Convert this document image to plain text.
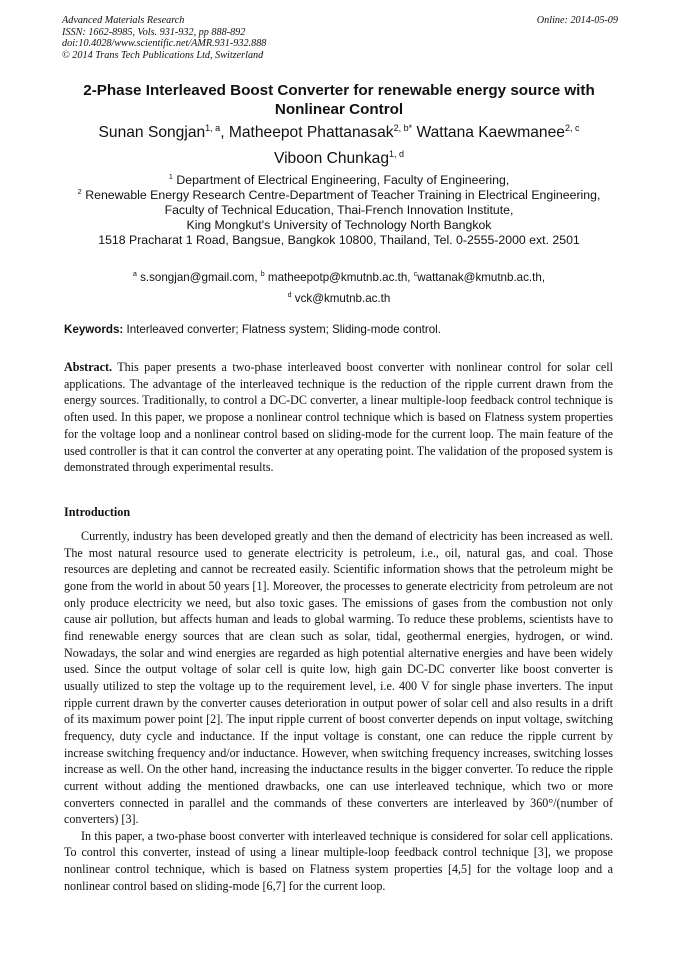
Advanced Materials Research
ISSN: 1662-8985, Vols. 931-932, pp 888-892
doi:10.4028/www.scientific.net/AMR.931-932.888
© 2014 Trans Tech Publications Ltd, Switzerland
Online: 2014-05-09
2-Phase Interleaved Boost Converter for renewable energy source with
Nonlinear Control
Sunan Songjan$^{1, a}$, Matheepot Phattanasak$^{2, b*}$ Wattana Kaewmanee$^{2, c}$
Viboon Chunkag$^{1, d}$
$^1$ Department of Electrical Engineering, Faculty of Engineering,
$^2$ Renewable Energy Research Centre-Department of Teacher Training in Electrical Engineering,
Faculty of Technical Education, Thai-French Innovation Institute,
King Mongkut's University of Technology North Bangkok
1518 Pracharat 1 Road, Bangsue, Bangkok 10800, Thailand, Tel. 0-2555-2000 ext. 2501
$^a$ s.songjan@gmail.com, $^b$ matheepotp@kmutnb.ac.th, $^c$wattanak@kmutnb.ac.th,
$^d$ vck@kmutnb.ac.th
Keywords: Interleaved converter; Flatness system; Sliding-mode control.
Abstract. This paper presents a two-phase interleaved boost converter with nonlinear control for solar cell applications. The advantage of the interleaved technique is the reduction of the ripple current drawn from the energy sources. Traditionally, to control a DC-DC converter, a linear multiple-loop feedback control technique is often used. In this paper, we propose a nonlinear control technique which is based on Flatness system properties for the voltage loop and a nonlinear control based on sliding-mode for the current loop. The main feature of the used controller is that it can control the converter at any operating point. The validation of the proposed system is demonstrated through experimental results.
Introduction

Currently, industry has been developed greatly and then the demand of electricity has been increased as well. The most natural resource used to generate electricity is petroleum, i.e., oil, natural gas, and coal. Those resources are depleting and cannot be recreated easily. Scientific information shows that the petroleum might be gone from the world in about 50 years [1]. Moreover, the processes to generate electricity from petroleum are not only produce electricity we need, but also toxic gases. The emissions of gases from the combustion not only cause air pollution, but affects human and leads to global warming. To reduce these problems, scientists have to find renewable energy sources that are clean such as solar, tidal, geothermal energies, hydrogen, or wind. Nowadays, the solar and wind energies are regarded as high potential alternative energies and have been widely used. Since the output voltage of solar cell is quite low, high gain DC-DC converter like boost converter is usually utilized to step the voltage up to the requirement level, i.e. 400 V for single phase inverters. The input ripple current drawn by the converter causes deterioration in output power of solar cell and also results in a drift of its maximum power point [2]. The input ripple current of boost converter depends on input voltage, switching frequency, duty cycle and inductance. If the input voltage is constant, one can reduce the ripple current by increase switching frequency and/or inductance. However, when switching frequency increases, switching losses increase as well. On the other hand, increasing the inductance results in the bigger converter. To reduce the ripple current without adding the mentioned drawbacks, one can use interleaved technique, which two or more converters connected in parallel and the commands of these converters are interleaved by 360°/(number of converters) [3].

In this paper, a two-phase boost converter with interleaved technique is considered for solar cell applications. To control this converter, instead of using a linear multiple-loop feedback control technique [3], we propose nonlinear control technique, which is based on Flatness system properties [4,5] for the voltage loop and a nonlinear control based on sliding-mode [6,7] for the current loop.
